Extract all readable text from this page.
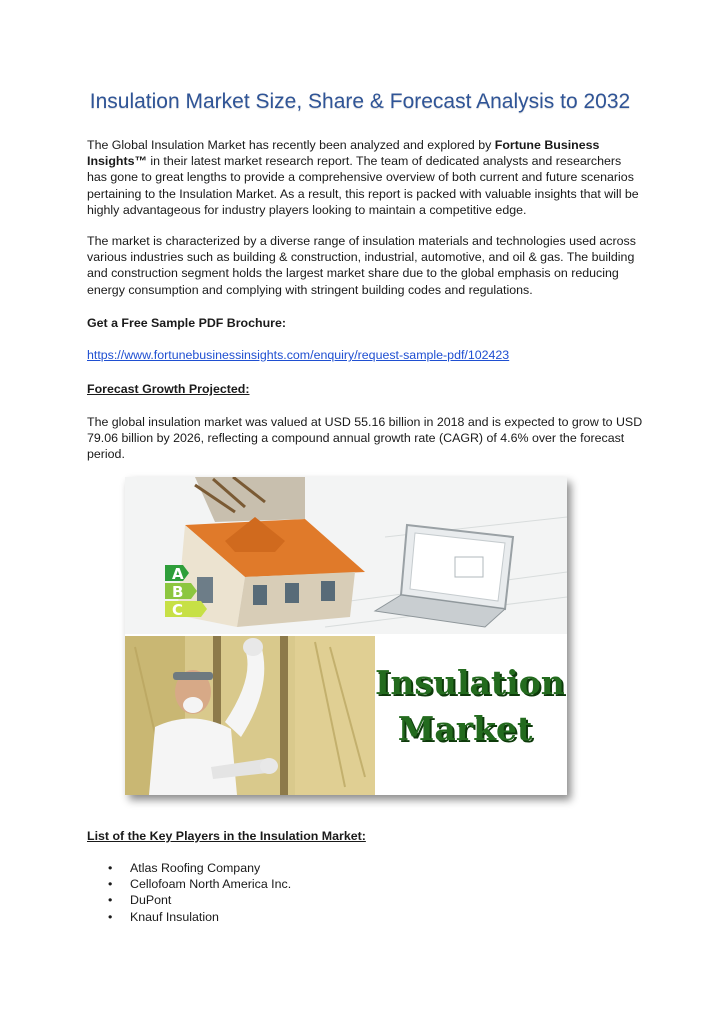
Insulation Market Size, Share & Forecast Analysis to 2032
The Global Insulation Market has recently been analyzed and explored by Fortune Business Insights™ in their latest market research report. The team of dedicated analysts and researchers has gone to great lengths to provide a comprehensive overview of both current and future scenarios pertaining to the Insulation Market. As a result, this report is packed with valuable insights that will be highly advantageous for industry players looking to maintain a competitive edge.
The market is characterized by a diverse range of insulation materials and technologies used across various industries such as building & construction, industrial, automotive, and oil & gas. The building and construction segment holds the largest market share due to the global emphasis on reducing energy consumption and complying with stringent building codes and regulations.
Get a Free Sample PDF Brochure:
https://www.fortunebusinessinsights.com/enquiry/request-sample-pdf/102423
Forecast Growth Projected:
The global insulation market was valued at USD 55.16 billion in 2018 and is expected to grow to USD 79.06 billion by 2026, reflecting a compound annual growth rate (CAGR) of 4.6% over the forecast period.
A
B
C
Insulation
Market
List of the Key Players in the Insulation Market:
• Atlas Roofing Company
• Cellofoam North America Inc.
• DuPont
• Knauf Insulation
